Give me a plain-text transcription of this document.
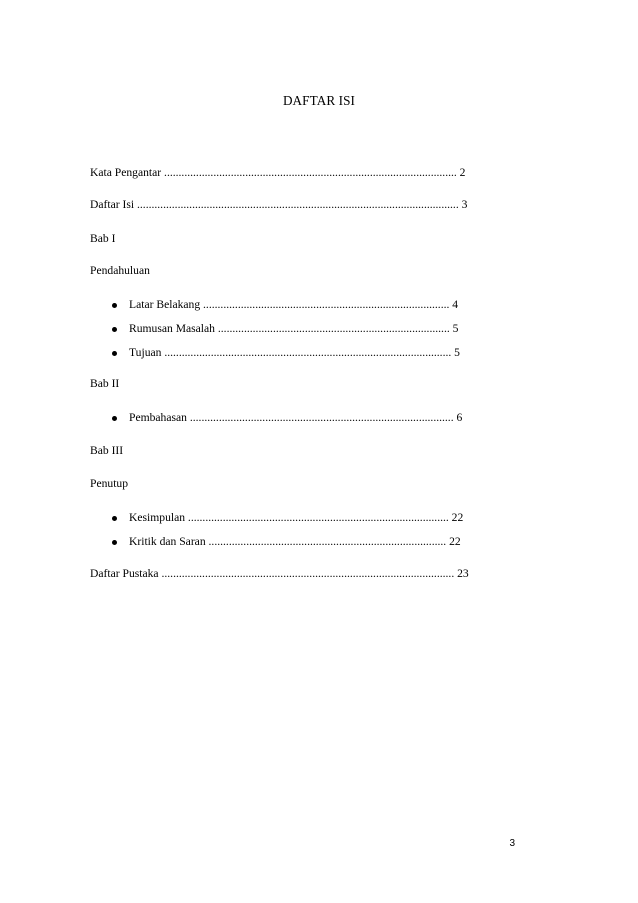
DAFTAR ISI
Kata Pengantar ..................................................................................................... 2
Daftar Isi ............................................................................................................... 3
Bab I
Pendahuluan
Latar Belakang ..................................................................................... 4
Rumusan Masalah ................................................................................ 5
Tujuan ................................................................................................... 5
Bab II
Pembahasan ........................................................................................... 6
Bab III
Penutup
Kesimpulan .......................................................................................... 22
Kritik dan Saran .................................................................................. 22
Daftar Pustaka ..................................................................................................... 23
3
